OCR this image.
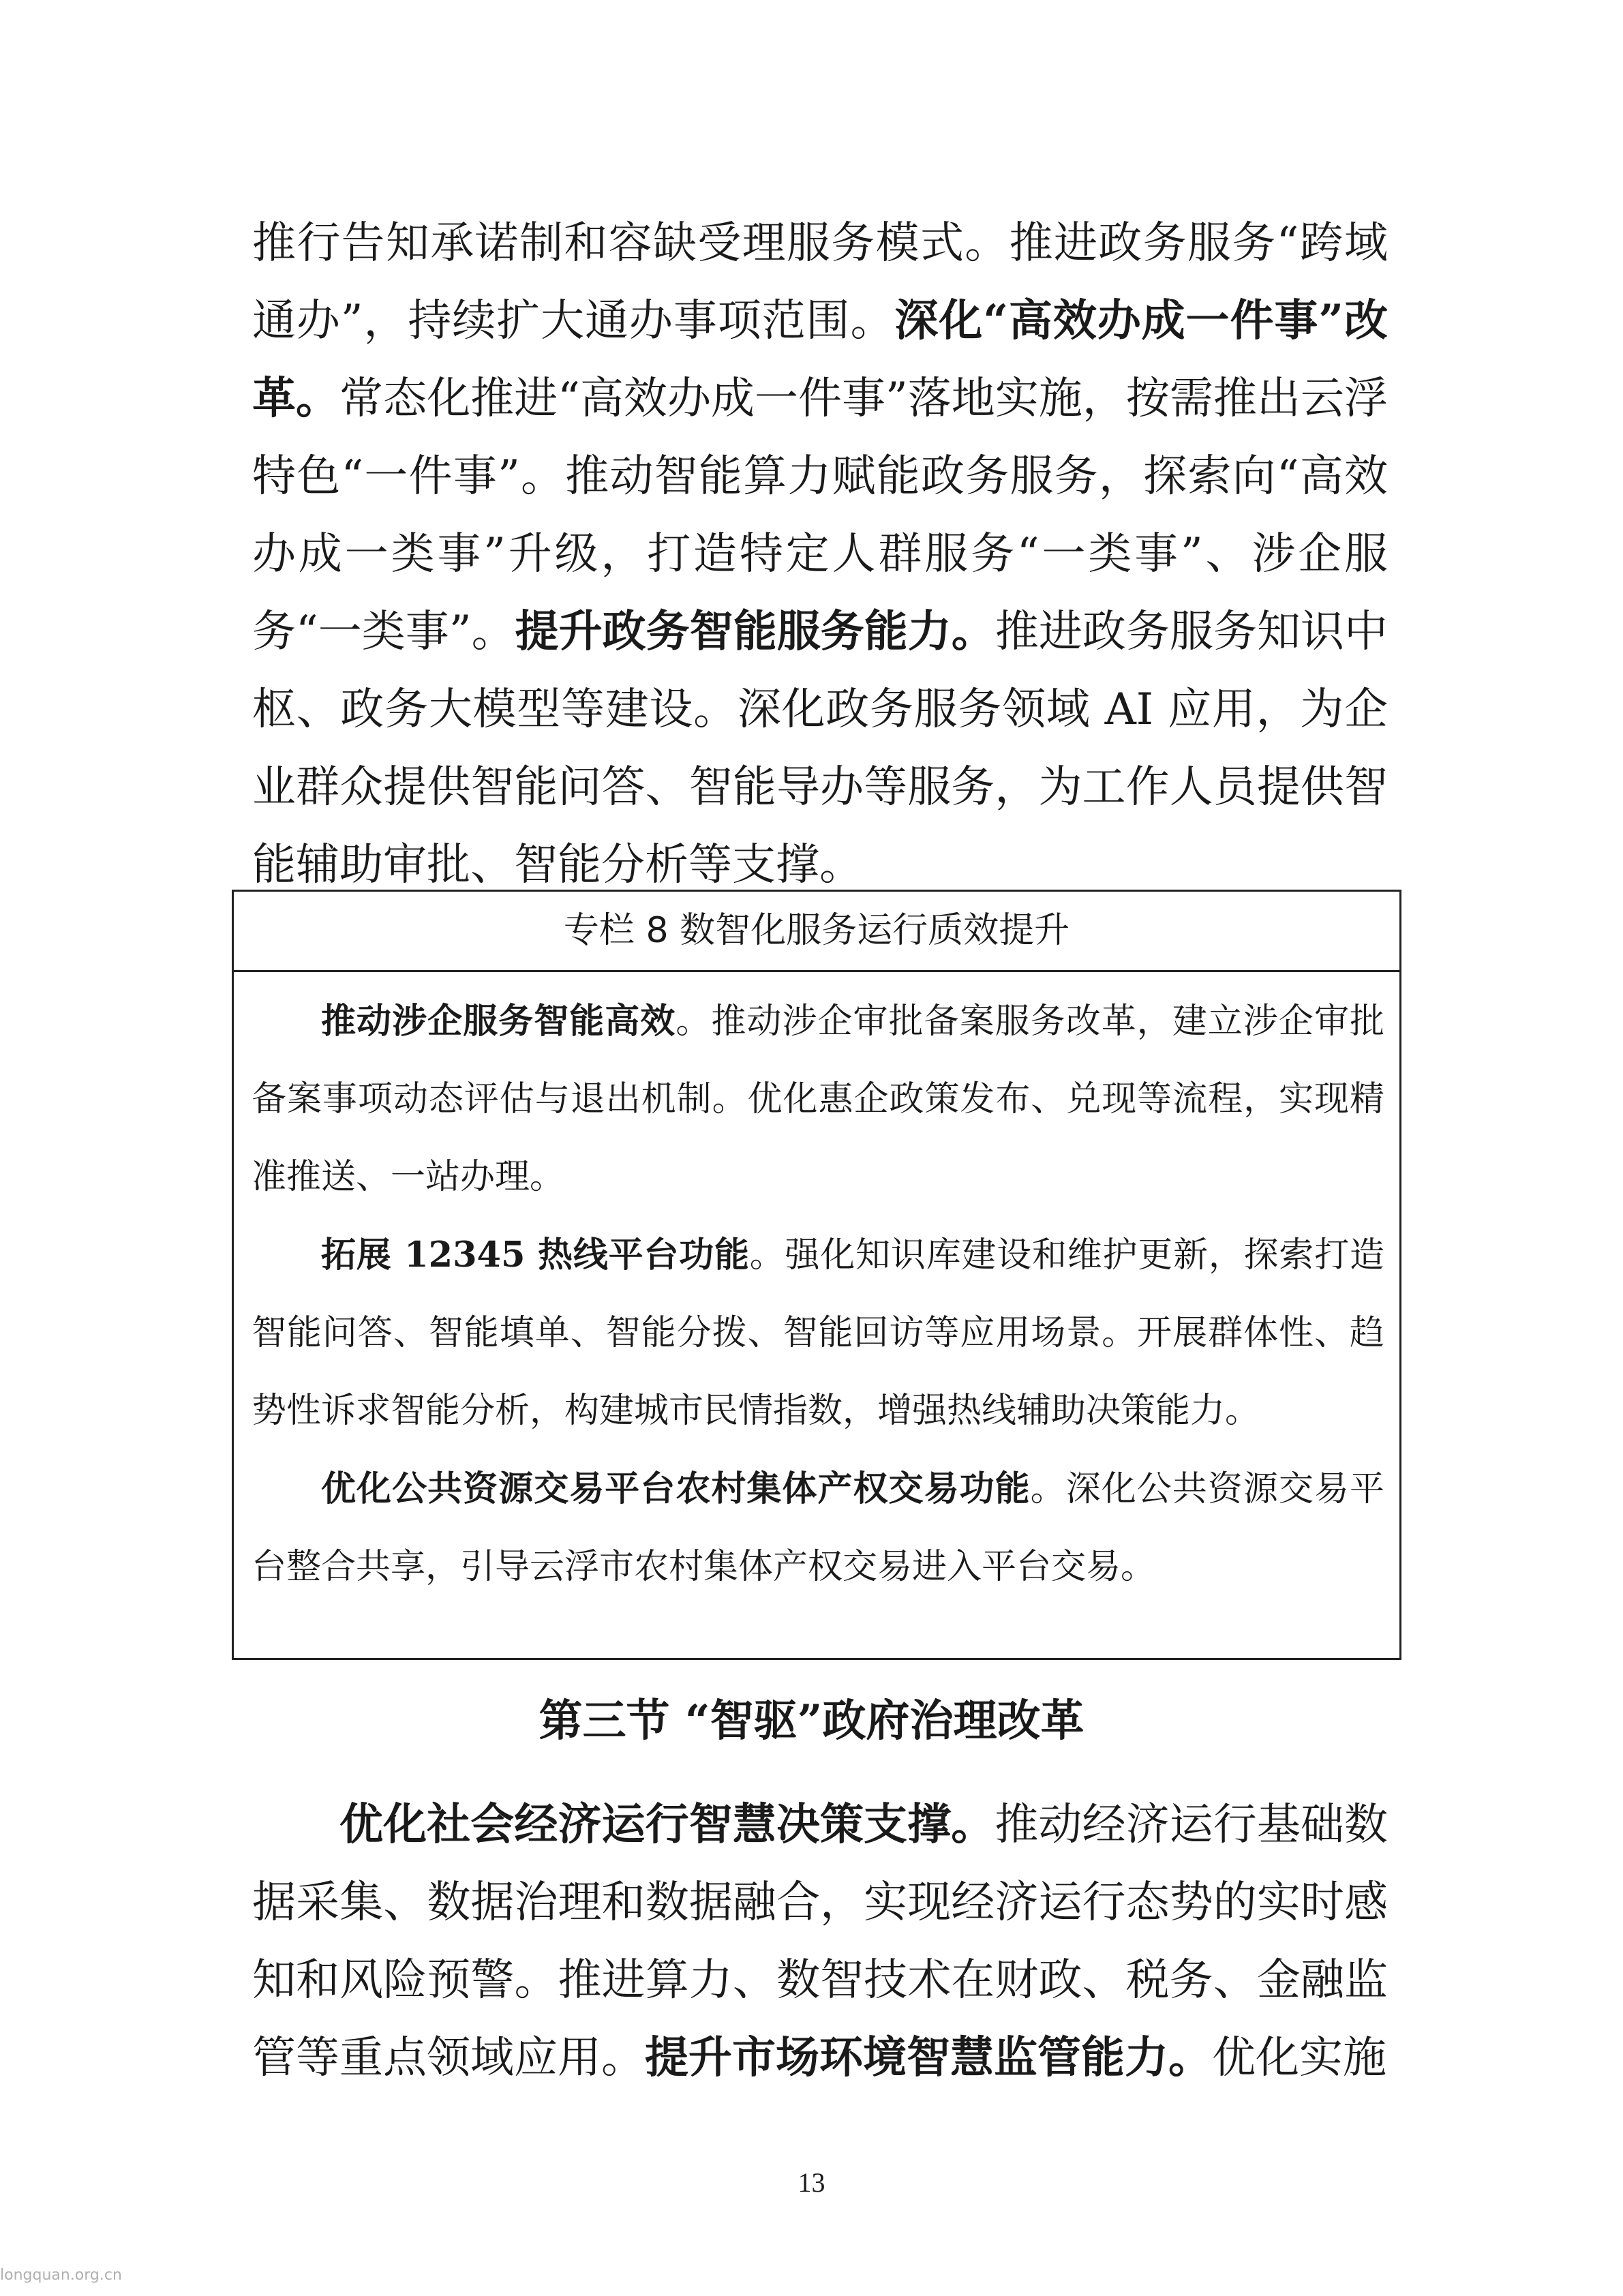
推行告知承诺制和容缺受理服务模式。推进政务服务“跨域通办”，持续扩大通办事项范围。深化“高效办成一件事”改革。常态化推进“高效办成一件事”落地实施，按需推出云浮特色“一件事”。推动智能算力赋能政务服务，探索向“高效办成一类事”升级，打造特定人群服务“一类事”、涉企服务“一类事”。提升政务智能服务能力。推进政务服务知识中枢、政务大模型等建设。深化政务服务领域 AI 应用，为企业群众提供智能问答、智能导办等服务，为工作人员提供智能辅助审批、智能分析等支撑。

专栏 8 数智化服务运行质效提升

推动涉企服务智能高效。推动涉企审批备案服务改革，建立涉企审批备案事项动态评估与退出机制。优化惠企政策发布、兑现等流程，实现精准推送、一站办理。

拓展 12345 热线平台功能。强化知识库建设和维护更新，探索打造智能问答、智能填单、智能分拨、智能回访等应用场景。开展群体性、趋势性诉求智能分析，构建城市民情指数，增强热线辅助决策能力。

优化公共资源交易平台农村集体产权交易功能。深化公共资源交易平台整合共享，引导云浮市农村集体产权交易进入平台交易。

第三节 “智驱”政府治理改革

优化社会经济运行智慧决策支撑。推动经济运行基础数据采集、数据治理和数据融合，实现经济运行态势的实时感知和风险预警。推进算力、数智技术在财政、税务、金融监管等重点领域应用。提升市场环境智慧监管能力。优化实施

13
longquan.org.cn
